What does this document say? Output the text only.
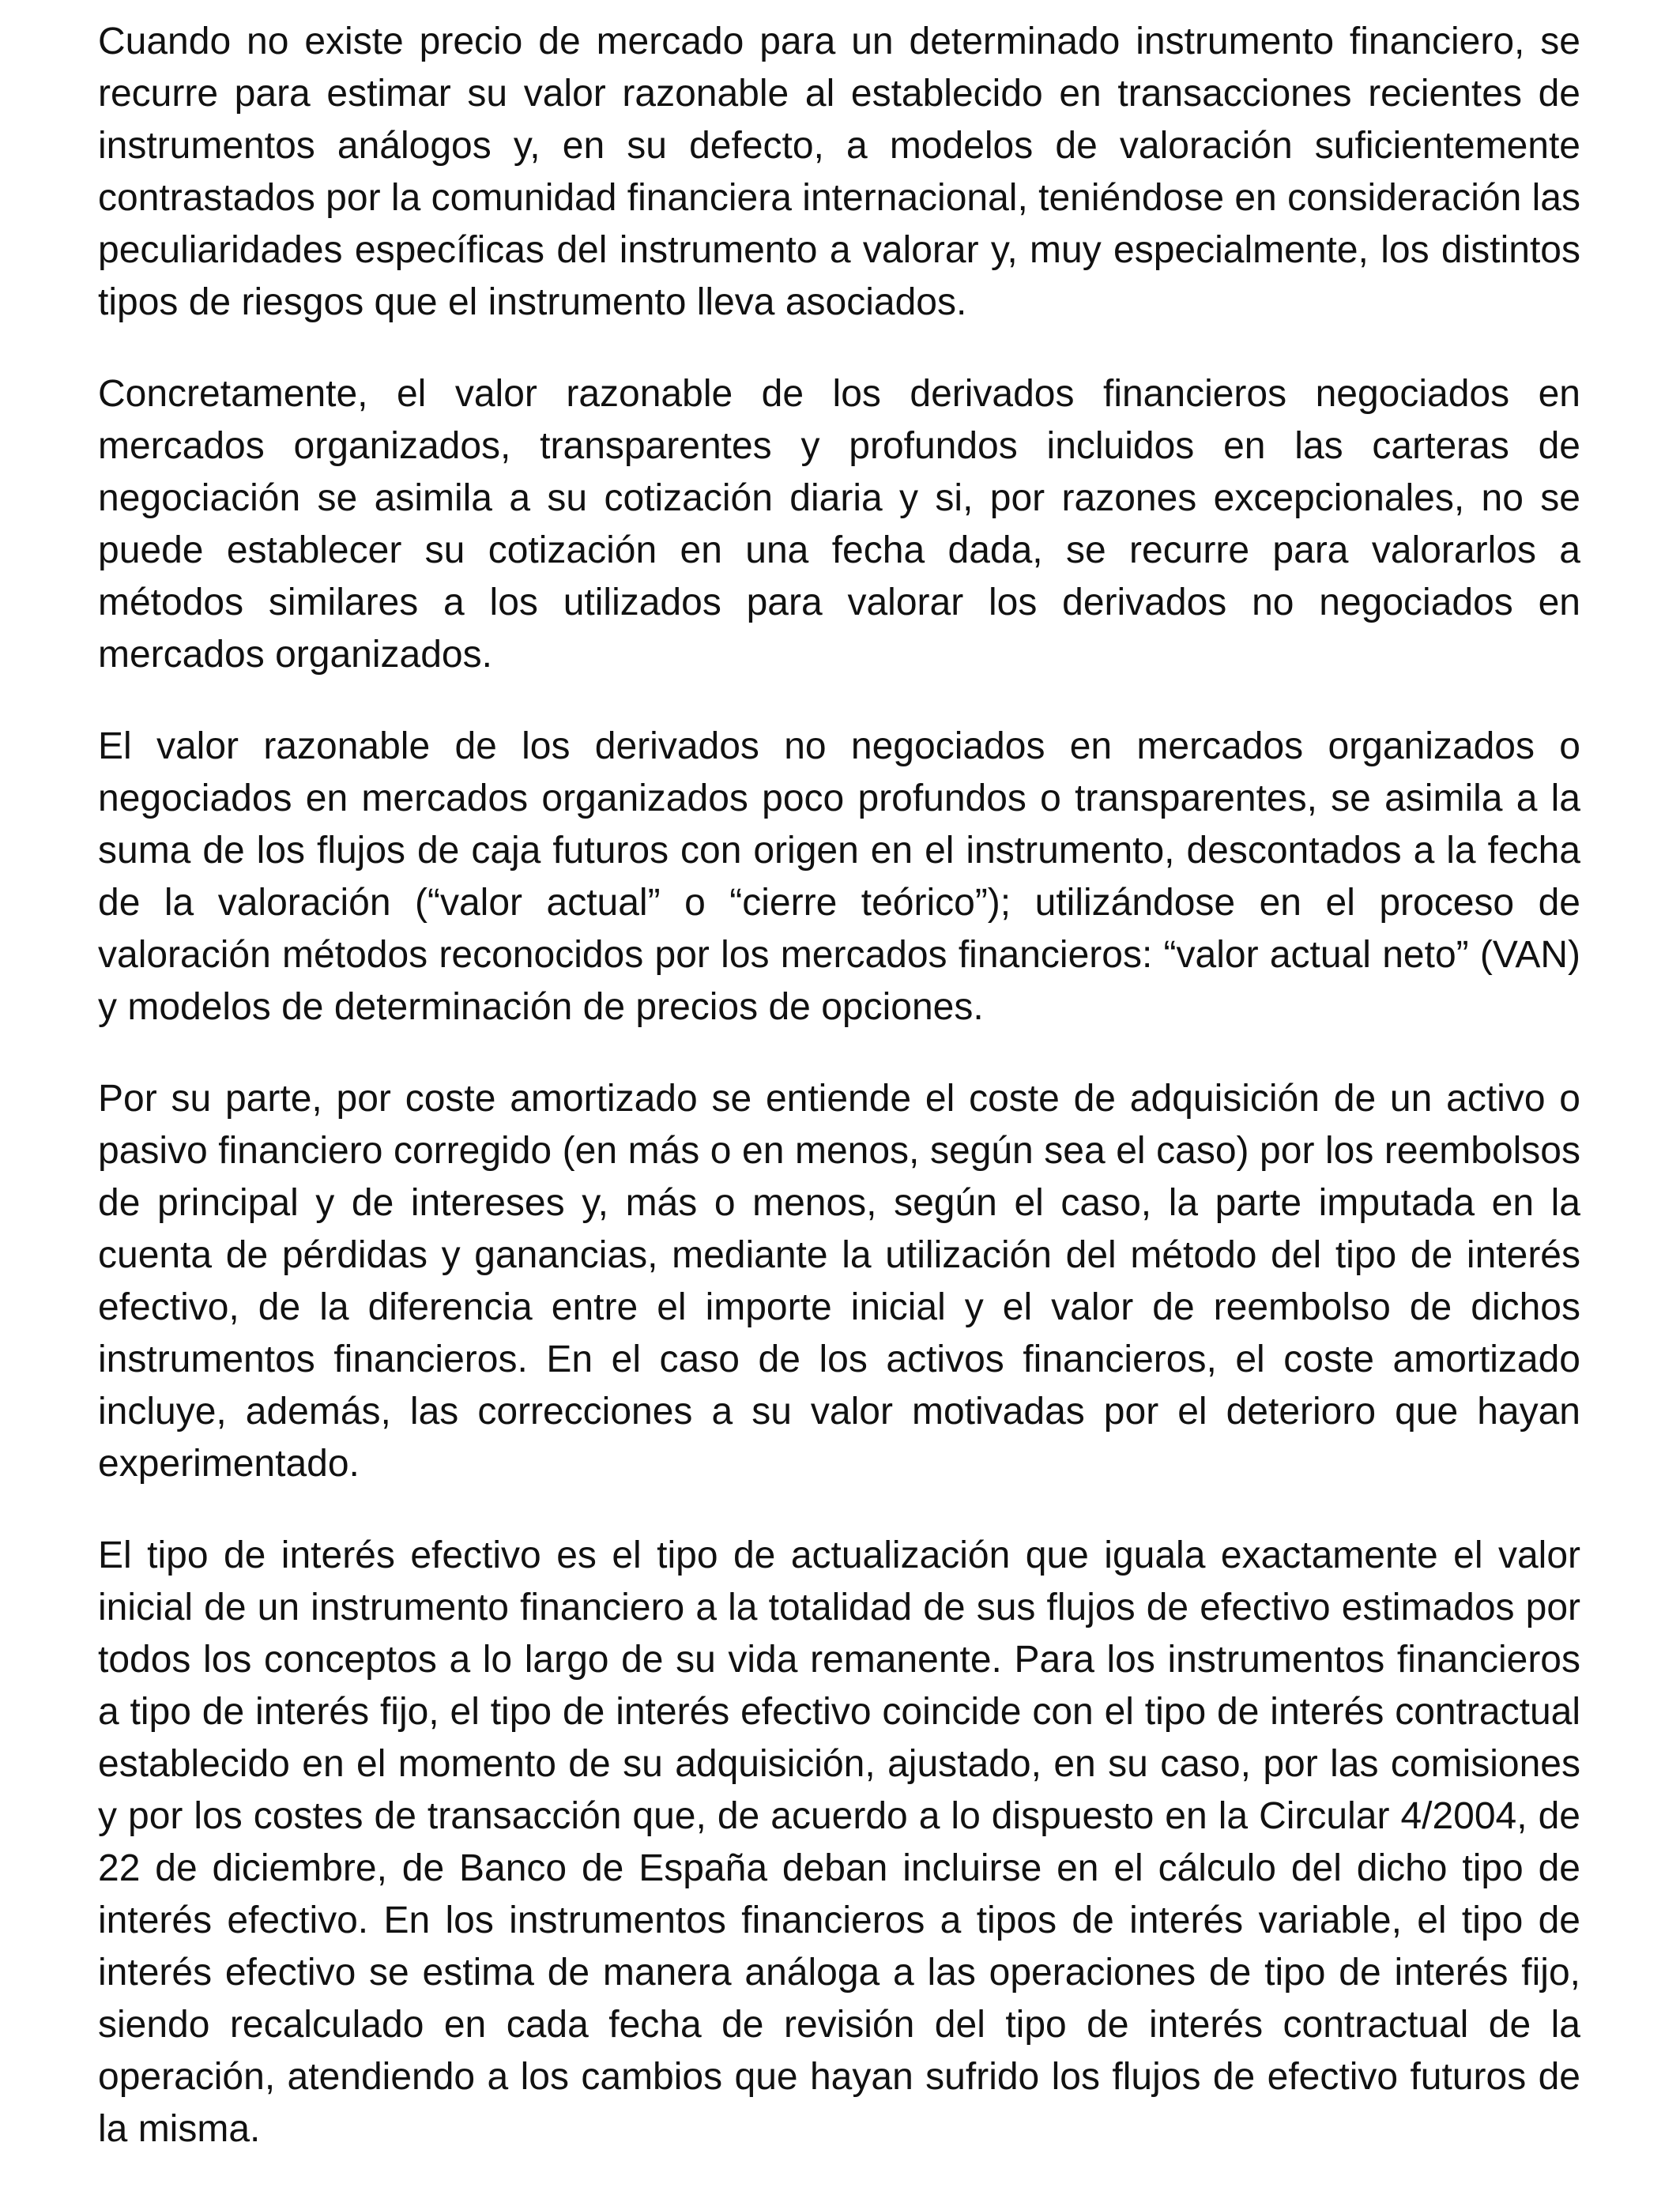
Cuando no existe precio de mercado para un determinado instrumento financiero, se recurre para estimar su valor razonable al establecido en transacciones recientes de instrumentos análogos y, en su defecto, a modelos de valoración suficientemente contrastados por la comunidad financiera internacional, teniéndose en consideración las peculiaridades específicas del instrumento a valorar y, muy especialmente, los distintos tipos de riesgos que el instrumento lleva asociados.

Concretamente, el valor razonable de los derivados financieros negociados en mercados organizados, transparentes y profundos incluidos en las carteras de negociación se asimila a su cotización diaria y si, por razones excepcionales, no se puede establecer su cotización en una fecha dada, se recurre para valorarlos a métodos similares a los utilizados para valorar los derivados no negociados en mercados organizados.

El valor razonable de los derivados no negociados en mercados organizados o negociados en mercados organizados poco profundos o transparentes, se asimila a la suma de los flujos de caja futuros con origen en el instrumento, descontados a la fecha de la valoración (“valor actual” o “cierre teórico”); utilizándose en el proceso de valoración métodos reconocidos por los mercados financieros: “valor actual neto” (VAN) y modelos de determinación de precios de opciones.

Por su parte, por coste amortizado se entiende el coste de adquisición de un activo o pasivo financiero corregido (en más o en menos, según sea el caso) por los reembolsos de principal y de intereses y, más o menos, según el caso, la parte imputada en la cuenta de pérdidas y ganancias, mediante la utilización del método del tipo de interés efectivo, de la diferencia entre el importe inicial y el valor de reembolso de dichos instrumentos financieros. En el caso de los activos financieros, el coste amortizado incluye, además, las correcciones a su valor motivadas por el deterioro que hayan experimentado.

El tipo de interés efectivo es el tipo de actualización que iguala exactamente el valor inicial de un instrumento financiero a la totalidad de sus flujos de efectivo estimados por todos los conceptos a lo largo de su vida remanente. Para los instrumentos financieros a tipo de interés fijo, el tipo de interés efectivo coincide con el tipo de interés contractual establecido en el momento de su adquisición, ajustado, en su caso, por las comisiones y por los costes de transacción que, de acuerdo a lo dispuesto en la Circular 4/2004, de 22 de diciembre, de Banco de España deban incluirse en el cálculo del dicho tipo de interés efectivo. En los instrumentos financieros a tipos de interés variable, el tipo de interés efectivo se estima de manera análoga a las operaciones de tipo de interés fijo, siendo recalculado en cada fecha de revisión del tipo de interés contractual de la operación, atendiendo a los cambios que hayan sufrido los flujos de efectivo futuros de la misma.
